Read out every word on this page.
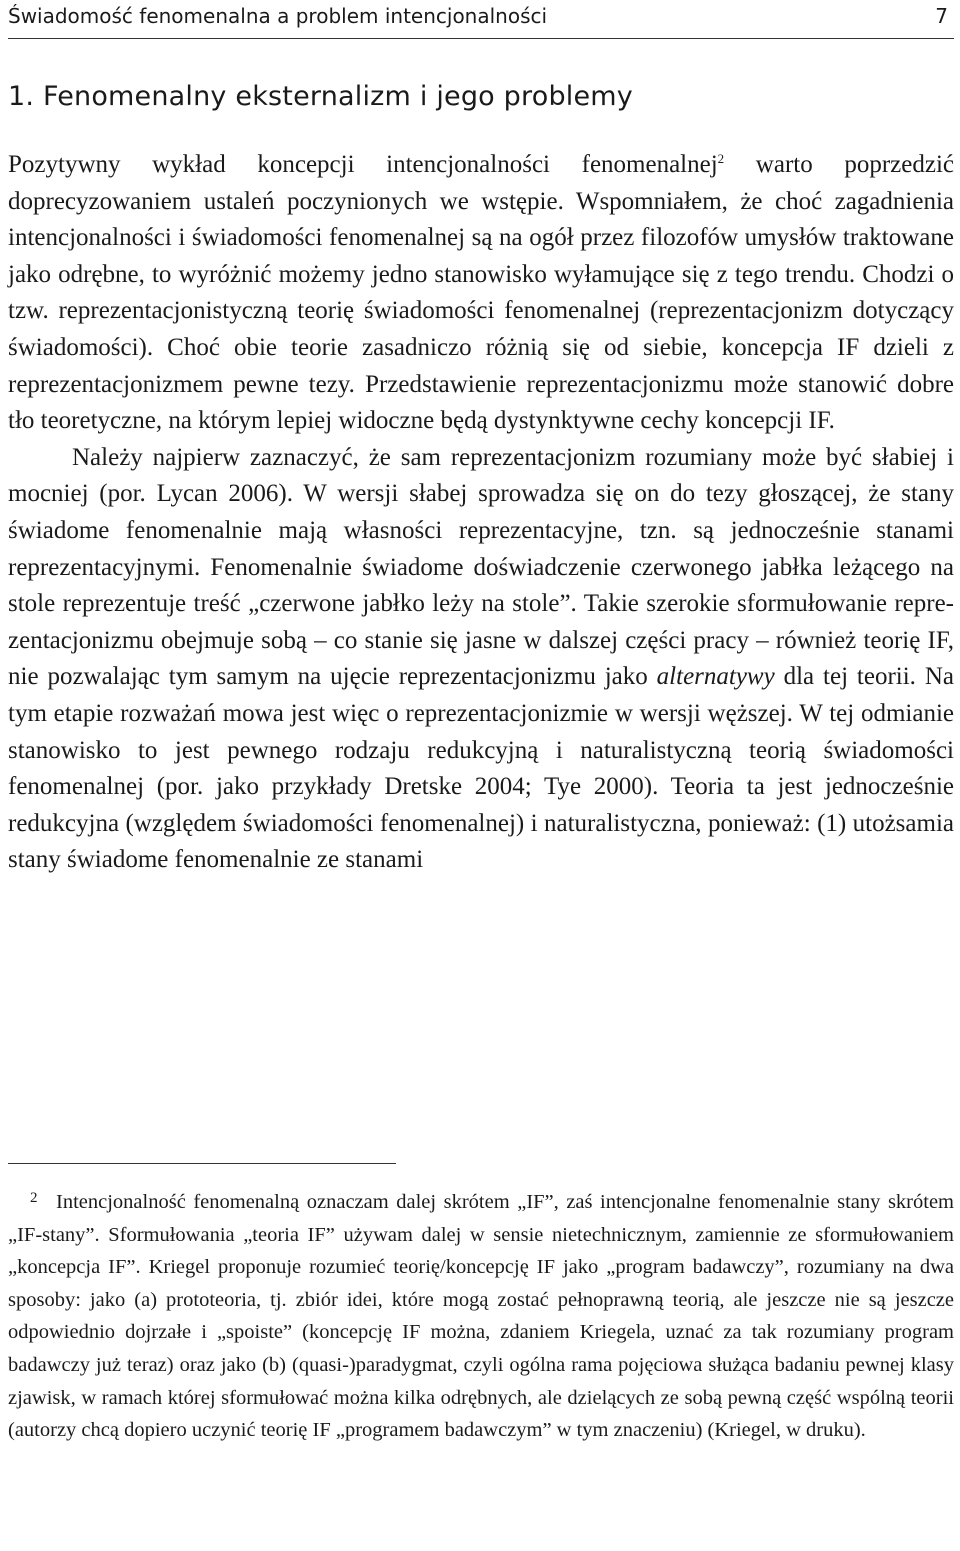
Świadomość fenomenalna a problem intencjonalności	7
1. Fenomenalny eksternalizm i jego problemy

Pozytywny wykład koncepcji intencjonalności fenomenalnej$^2$ warto poprzedzić doprecyzowaniem ustaleń poczynionych we wstępie. Wspomniałem, że choć zagadnienia intencjonalności i świadomości fenomenalnej są na ogół przez filozofów umysłów traktowane jako odrębne, to wyróżnić możemy jedno stanowisko wyłamujące się z tego trendu. Chodzi o tzw. reprezentacjonistyczną teorię świadomości fenomenalnej (reprezentacjonizm dotyczący świadomości). Choć obie teorie zasadniczo różnią się od siebie, koncepcja IF dzieli z reprezentacjonizmem pewne tezy. Przedstawienie reprezentacjonizmu może stanowić dobre tło teoretyczne, na którym lepiej widoczne będą dystynktywne cechy koncepcji IF.

Należy najpierw zaznaczyć, że sam reprezentacjonizm rozumiany może być słabiej i mocniej (por. Lycan 2006). W wersji słabej sprowadza się on do tezy głoszącej, że stany świadome fenomenalnie mają własności reprezentacyjne, tzn. są jednocześnie stanami reprezentacyjnymi. Fenomenalnie świadome doświadczenie czerwonego jabłka leżącego na stole reprezentuje treść „czerwone jabłko leży na stole”. Takie szerokie sformułowanie reprezentacjonizmu obejmuje sobą – co stanie się jasne w dalszej części pracy – również teorię IF, nie pozwalając tym samym na ujęcie reprezentacjonizmu jako alternatywy dla tej teorii. Na tym etapie rozważań mowa jest więc o reprezentacjonizmie w wersji węższej. W tej odmianie stanowisko to jest pewnego rodzaju redukcyjną i naturalistyczną teorią świadomości fenomenalnej (por. jako przykłady Dretske 2004; Tye 2000). Teoria ta jest jednocześnie redukcyjna (względem świadomości fenomenalnej) i naturalistyczna, ponieważ: (1) utożsamia stany świadome fenomenalnie ze stanami

2 Intencjonalność fenomenalną oznaczam dalej skrótem „IF”, zaś intencjonalne fenomenalnie stany skrótem „IF-stany”. Sformułowania „teoria IF” używam dalej w sensie nietechnicznym, zamiennie ze sformułowaniem „koncepcja IF”. Kriegel proponuje rozumieć teorię/koncepcję IF jako „program badawczy”, rozumiany na dwa sposoby: jako (a) prototeoria, tj. zbiór idei, które mogą zostać pełnoprawną teorią, ale jeszcze nie są jeszcze odpowiednio dojrzałe i „spoiste” (koncepcję IF można, zdaniem Kriegela, uznać za tak rozumiany program badawczy już teraz) oraz jako (b) (quasi-)paradygmat, czyli ogólna rama pojęciowa służąca badaniu pewnej klasy zjawisk, w ramach której sformułować można kilka odrębnych, ale dzielących ze sobą pewną część wspólną teorii (autorzy chcą dopiero uczynić teorię IF „programem badawczym” w tym znaczeniu) (Kriegel, w druku).
